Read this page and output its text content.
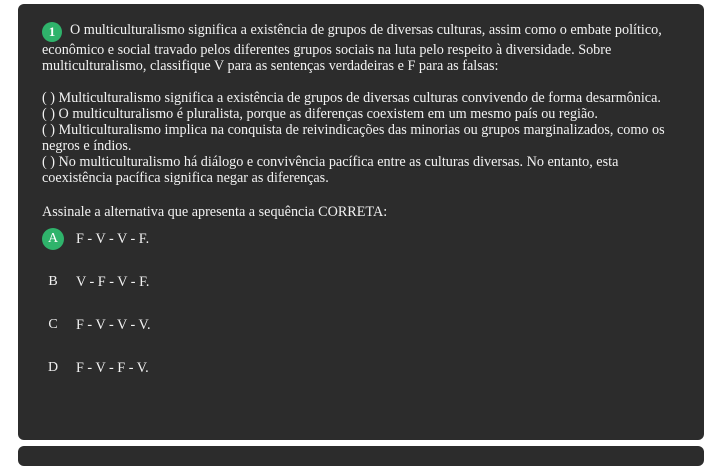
1 O multiculturalismo significa a existência de grupos de diversas culturas, assim como o embate político, econômico e social travado pelos diferentes grupos sociais na luta pelo respeito à diversidade. Sobre multiculturalismo, classifique V para as sentenças verdadeiras e F para as falsas:

( ) Multiculturalismo significa a existência de grupos de diversas culturas convivendo de forma desarmônica.

( ) O multiculturalismo é pluralista, porque as diferenças coexistem em um mesmo país ou região.

( ) Multiculturalismo implica na conquista de reivindicações das minorias ou grupos marginalizados, como os negros e índios.

( ) No multiculturalismo há diálogo e convivência pacífica entre as culturas diversas. No entanto, esta coexistência pacífica significa negar as diferenças.

Assinale a alternativa que apresenta a sequência CORRETA:

A	F - V - V - F.
B	V - F - V - F.
C	F - V - V - V.
D	F - V - F - V.
